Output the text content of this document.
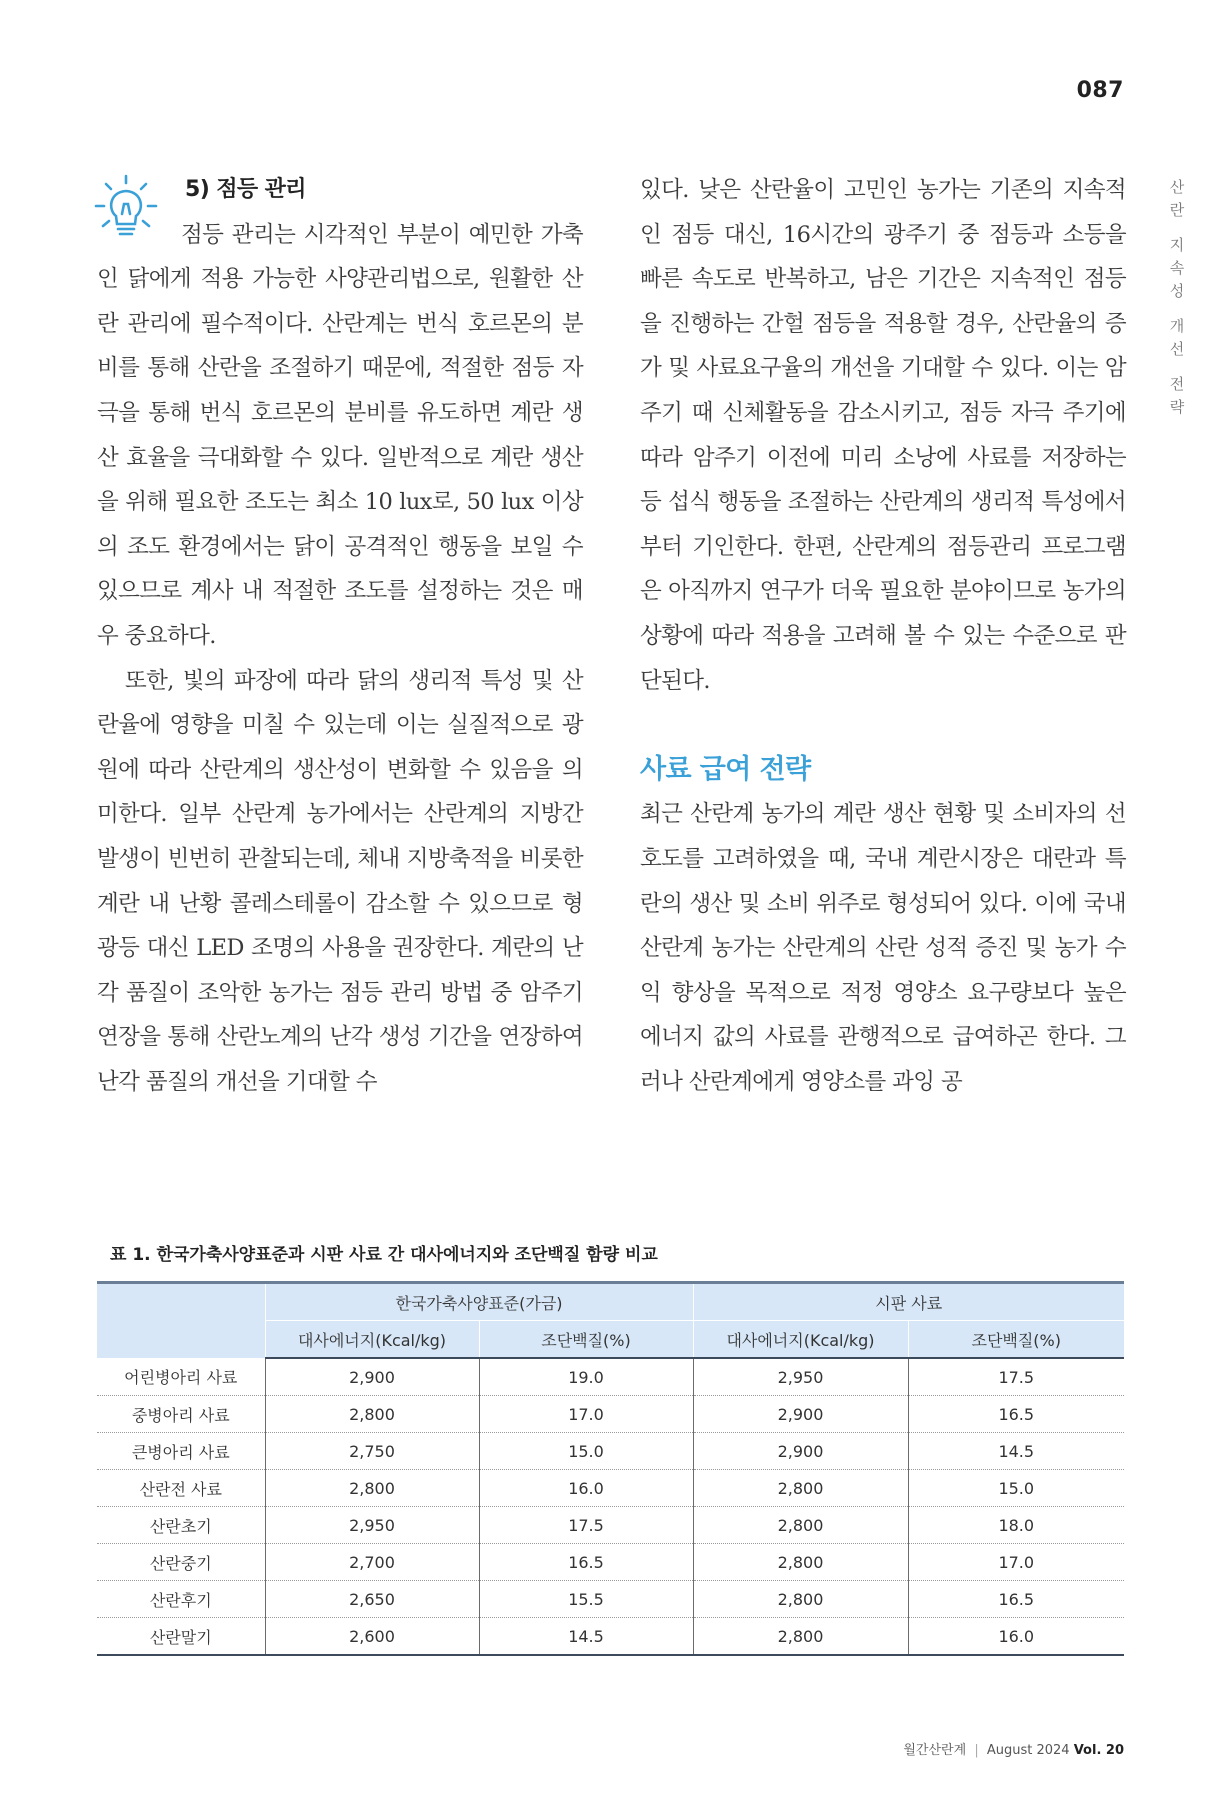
087
산
란
지
속
성
개
선
전
략
5) 점등 관리

점등 관리는 시각적인 부분이 예민한 가축인 닭에게 적용 가능한 사양관리법으로, 원활한 산란 관리에 필수적이다. 산란계는 번식 호르몬의 분비를 통해 산란을 조절하기 때문에, 적절한 점등 자극을 통해 번식 호르몬의 분비를 유도하면 계란 생산 효율을 극대화할 수 있다. 일반적으로 계란 생산을 위해 필요한 조도는 최소 10 lux로, 50 lux 이상의 조도 환경에서는 닭이 공격적인 행동을 보일 수 있으므로 계사 내 적절한 조도를 설정하는 것은 매우 중요하다.

또한, 빛의 파장에 따라 닭의 생리적 특성 및 산란율에 영향을 미칠 수 있는데 이는 실질적으로 광원에 따라 산란계의 생산성이 변화할 수 있음을 의미한다. 일부 산란계 농가에서는 산란계의 지방간 발생이 빈번히 관찰되는데, 체내 지방축적을 비롯한 계란 내 난황 콜레스테롤이 감소할 수 있으므로 형광등 대신 LED 조명의 사용을 권장한다. 계란의 난각 품질이 조악한 농가는 점등 관리 방법 중 암주기 연장을 통해 산란노계의 난각 생성 기간을 연장하여 난각 품질의 개선을 기대할 수

있다. 낮은 산란율이 고민인 농가는 기존의 지속적인 점등 대신, 16시간의 광주기 중 점등과 소등을 빠른 속도로 반복하고, 남은 기간은 지속적인 점등을 진행하는 간헐 점등을 적용할 경우, 산란율의 증가 및 사료요구율의 개선을 기대할 수 있다. 이는 암주기 때 신체활동을 감소시키고, 점등 자극 주기에 따라 암주기 이전에 미리 소낭에 사료를 저장하는 등 섭식 행동을 조절하는 산란계의 생리적 특성에서부터 기인한다. 한편, 산란계의 점등관리 프로그램은 아직까지 연구가 더욱 필요한 분야이므로 농가의 상황에 따라 적용을 고려해 볼 수 있는 수준으로 판단된다.

사료 급여 전략

최근 산란계 농가의 계란 생산 현황 및 소비자의 선호도를 고려하였을 때, 국내 계란시장은 대란과 특란의 생산 및 소비 위주로 형성되어 있다. 이에 국내 산란계 농가는 산란계의 산란 성적 증진 및 농가 수익 향상을 목적으로 적정 영양소 요구량보다 높은 에너지 값의 사료를 관행적으로 급여하곤 한다. 그러나 산란계에게 영양소를 과잉 공

표 1. 한국가축사양표준과 시판 사료 간 대사에너지와 조단백질 함량 비교
	한국가축사양표준(가금)		시판 사료	
	대사에너지(Kcal/kg)	조단백질(%)	대사에너지(Kcal/kg)	조단백질(%)
어린병아리 사료	2,900	19.0	2,950	17.5
중병아리 사료	2,800	17.0	2,900	16.5
큰병아리 사료	2,750	15.0	2,900	14.5
산란전 사료	2,800	16.0	2,800	15.0
산란초기	2,950	17.5	2,800	18.0
산란중기	2,700	16.5	2,800	17.0
산란후기	2,650	15.5	2,800	16.5
산란말기	2,600	14.5	2,800	16.0
월간산란계 | August 2024 Vol. 20
